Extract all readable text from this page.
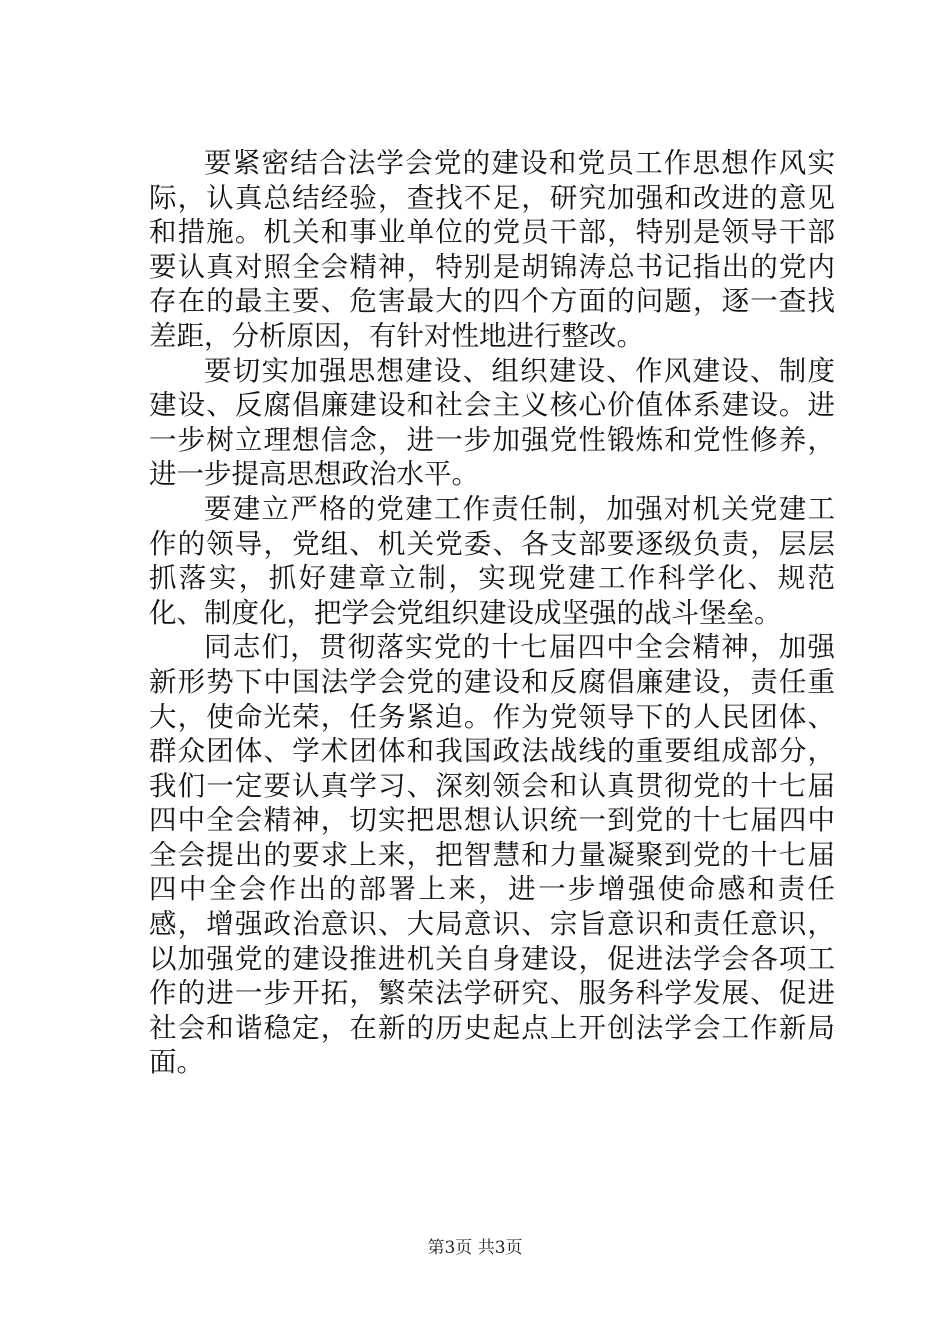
要紧密结合法学会党的建设和党员工作思想作风实际，认真总结经验，查找不足，研究加强和改进的意见和措施。机关和事业单位的党员干部，特别是领导干部要认真对照全会精神，特别是胡锦涛总书记指出的党内存在的最主要、危害最大的四个方面的问题，逐一查找差距，分析原因，有针对性地进行整改。

要切实加强思想建设、组织建设、作风建设、制度建设、反腐倡廉建设和社会主义核心价值体系建设。进一步树立理想信念，进一步加强党性锻炼和党性修养，进一步提高思想政治水平。

要建立严格的党建工作责任制，加强对机关党建工作的领导，党组、机关党委、各支部要逐级负责，层层抓落实，抓好建章立制，实现党建工作科学化、规范化、制度化，把学会党组织建设成坚强的战斗堡垒。

同志们，贯彻落实党的十七届四中全会精神，加强新形势下中国法学会党的建设和反腐倡廉建设，责任重大，使命光荣，任务紧迫。作为党领导下的人民团体、群众团体、学术团体和我国政法战线的重要组成部分，我们一定要认真学习、深刻领会和认真贯彻党的十七届四中全会精神，切实把思想认识统一到党的十七届四中全会提出的要求上来，把智慧和力量凝聚到党的十七届四中全会作出的部署上来，进一步增强使命感和责任感，增强政治意识、大局意识、宗旨意识和责任意识，以加强党的建设推进机关自身建设，促进法学会各项工作的进一步开拓，繁荣法学研究、服务科学发展、促进社会和谐稳定，在新的历史起点上开创法学会工作新局面。

第3页 共3页
